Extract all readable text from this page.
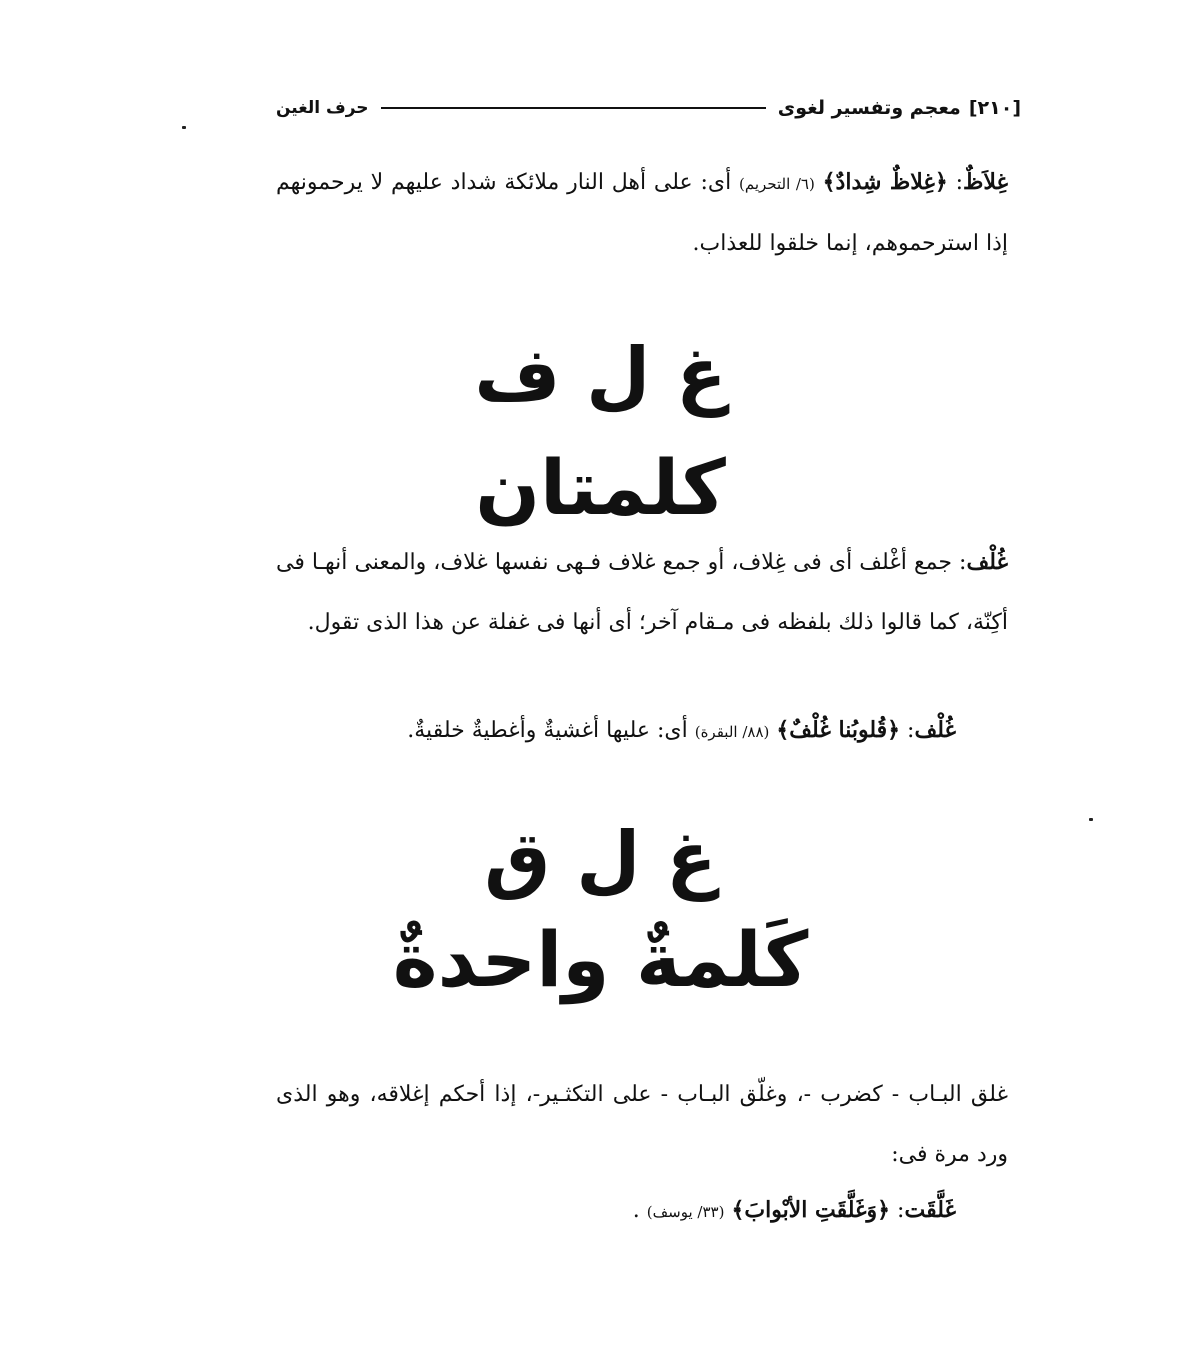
[٢١٠]
معجم وتفسير لغوى
حرف الغين
غِلاَظٌ: ﴿غِلاظٌ شِدادٌ﴾ (٦/ التحريم) أى: على أهل النار ملائكة شداد عليهم لا يرحمونهم إذا استرحموهم، إنما خلقوا للعذاب.
غ ل ف
كلمتان
غُلْف: جمع أغْلف أى فى غِلاف، أو جمع غلاف فـهى نفسها غلاف، والمعنى أنهـا فى أكِنّة، كما قالوا ذلك بلفظه فى مـقام آخر؛ أى أنها فى غفلة عن هذا الذى تقول.
غُلْف: ﴿قُلوبُنا غُلْفٌ﴾ (٨٨/ البقرة) أى: عليها أغشيةٌ وأغطيةٌ خلقيةٌ.
غ ل ق
كَلمةٌ واحدةٌ
غلق البـاب - كضرب -، وغلّق البـاب - على التكثـير-، إذا أحكم إغلاقه، وهو الذى ورد مرة فى:
غَلَّقَت: ﴿وَغَلَّقَتِ الأبْوابَ﴾ (٣٣/ يوسف) .
